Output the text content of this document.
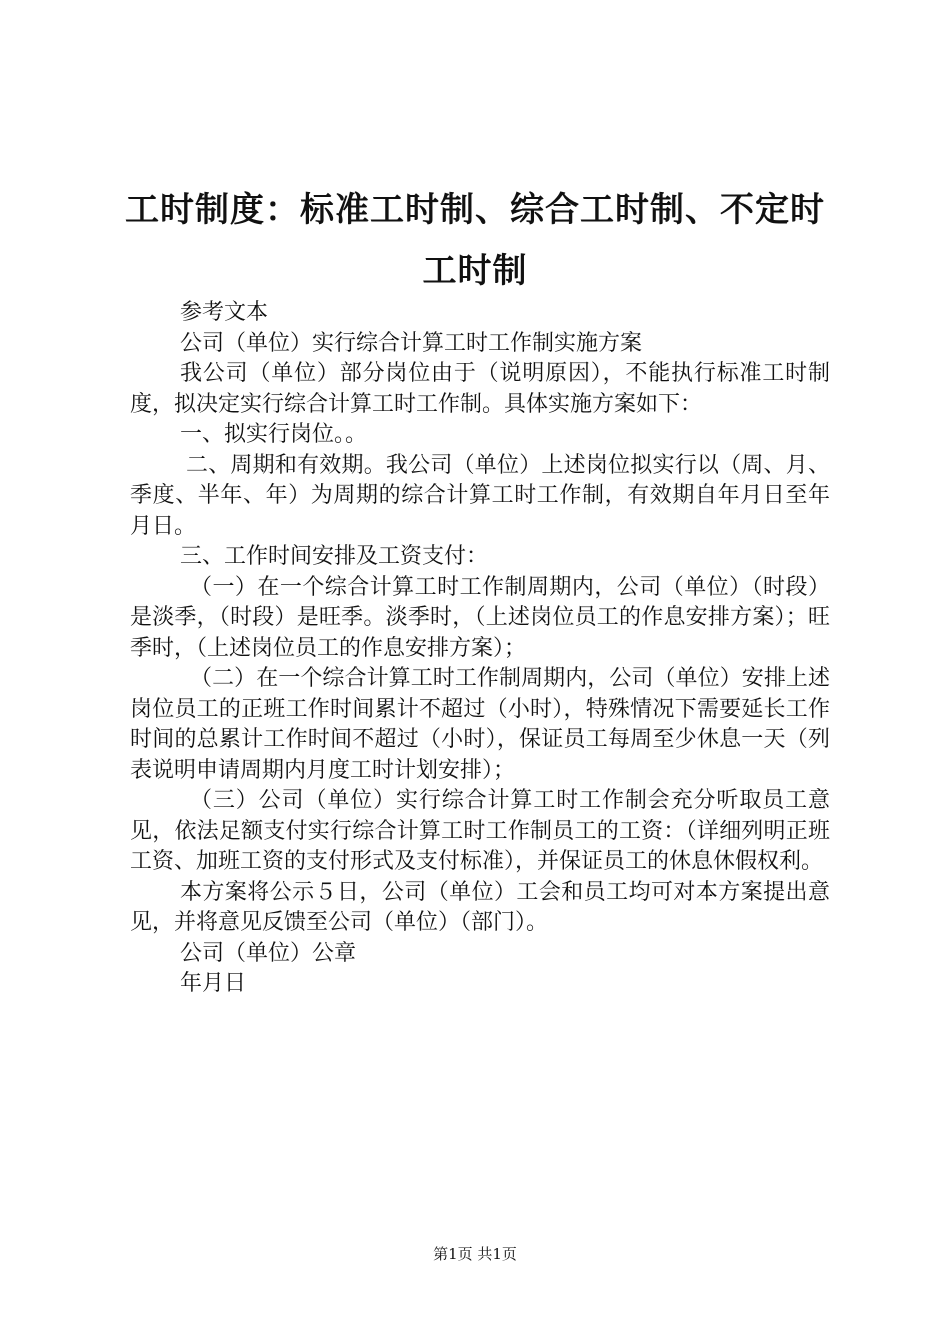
工时制度：标准工时制、综合工时制、不定时
工时制

参考文本

公司（单位）实行综合计算工时工作制实施方案

我公司（单位）部分岗位由于（说明原因），不能执行标准工时制度，拟决定实行综合计算工时工作制。具体实施方案如下：

一、拟实行岗位。。

二、周期和有效期。我公司（单位）上述岗位拟实行以（周、月、季度、半年、年）为周期的综合计算工时工作制，有效期自年月日至年月日。

三、工作时间安排及工资支付：

（一）在一个综合计算工时工作制周期内，公司（单位）（时段）是淡季，（时段）是旺季。淡季时，（上述岗位员工的作息安排方案）；旺季时，（上述岗位员工的作息安排方案）；

（二）在一个综合计算工时工作制周期内，公司（单位）安排上述岗位员工的正班工作时间累计不超过（小时），特殊情况下需要延长工作时间的总累计工作时间不超过（小时），保证员工每周至少休息一天（列表说明申请周期内月度工时计划安排）；

（三）公司（单位）实行综合计算工时工作制会充分听取员工意见，依法足额支付实行综合计算工时工作制员工的工资：（详细列明正班工资、加班工资的支付形式及支付标准），并保证员工的休息休假权利。

本方案将公示５日，公司（单位）工会和员工均可对本方案提出意见，并将意见反馈至公司（单位）（部门）。

公司（单位）公章

年月日

第1页 共1页
